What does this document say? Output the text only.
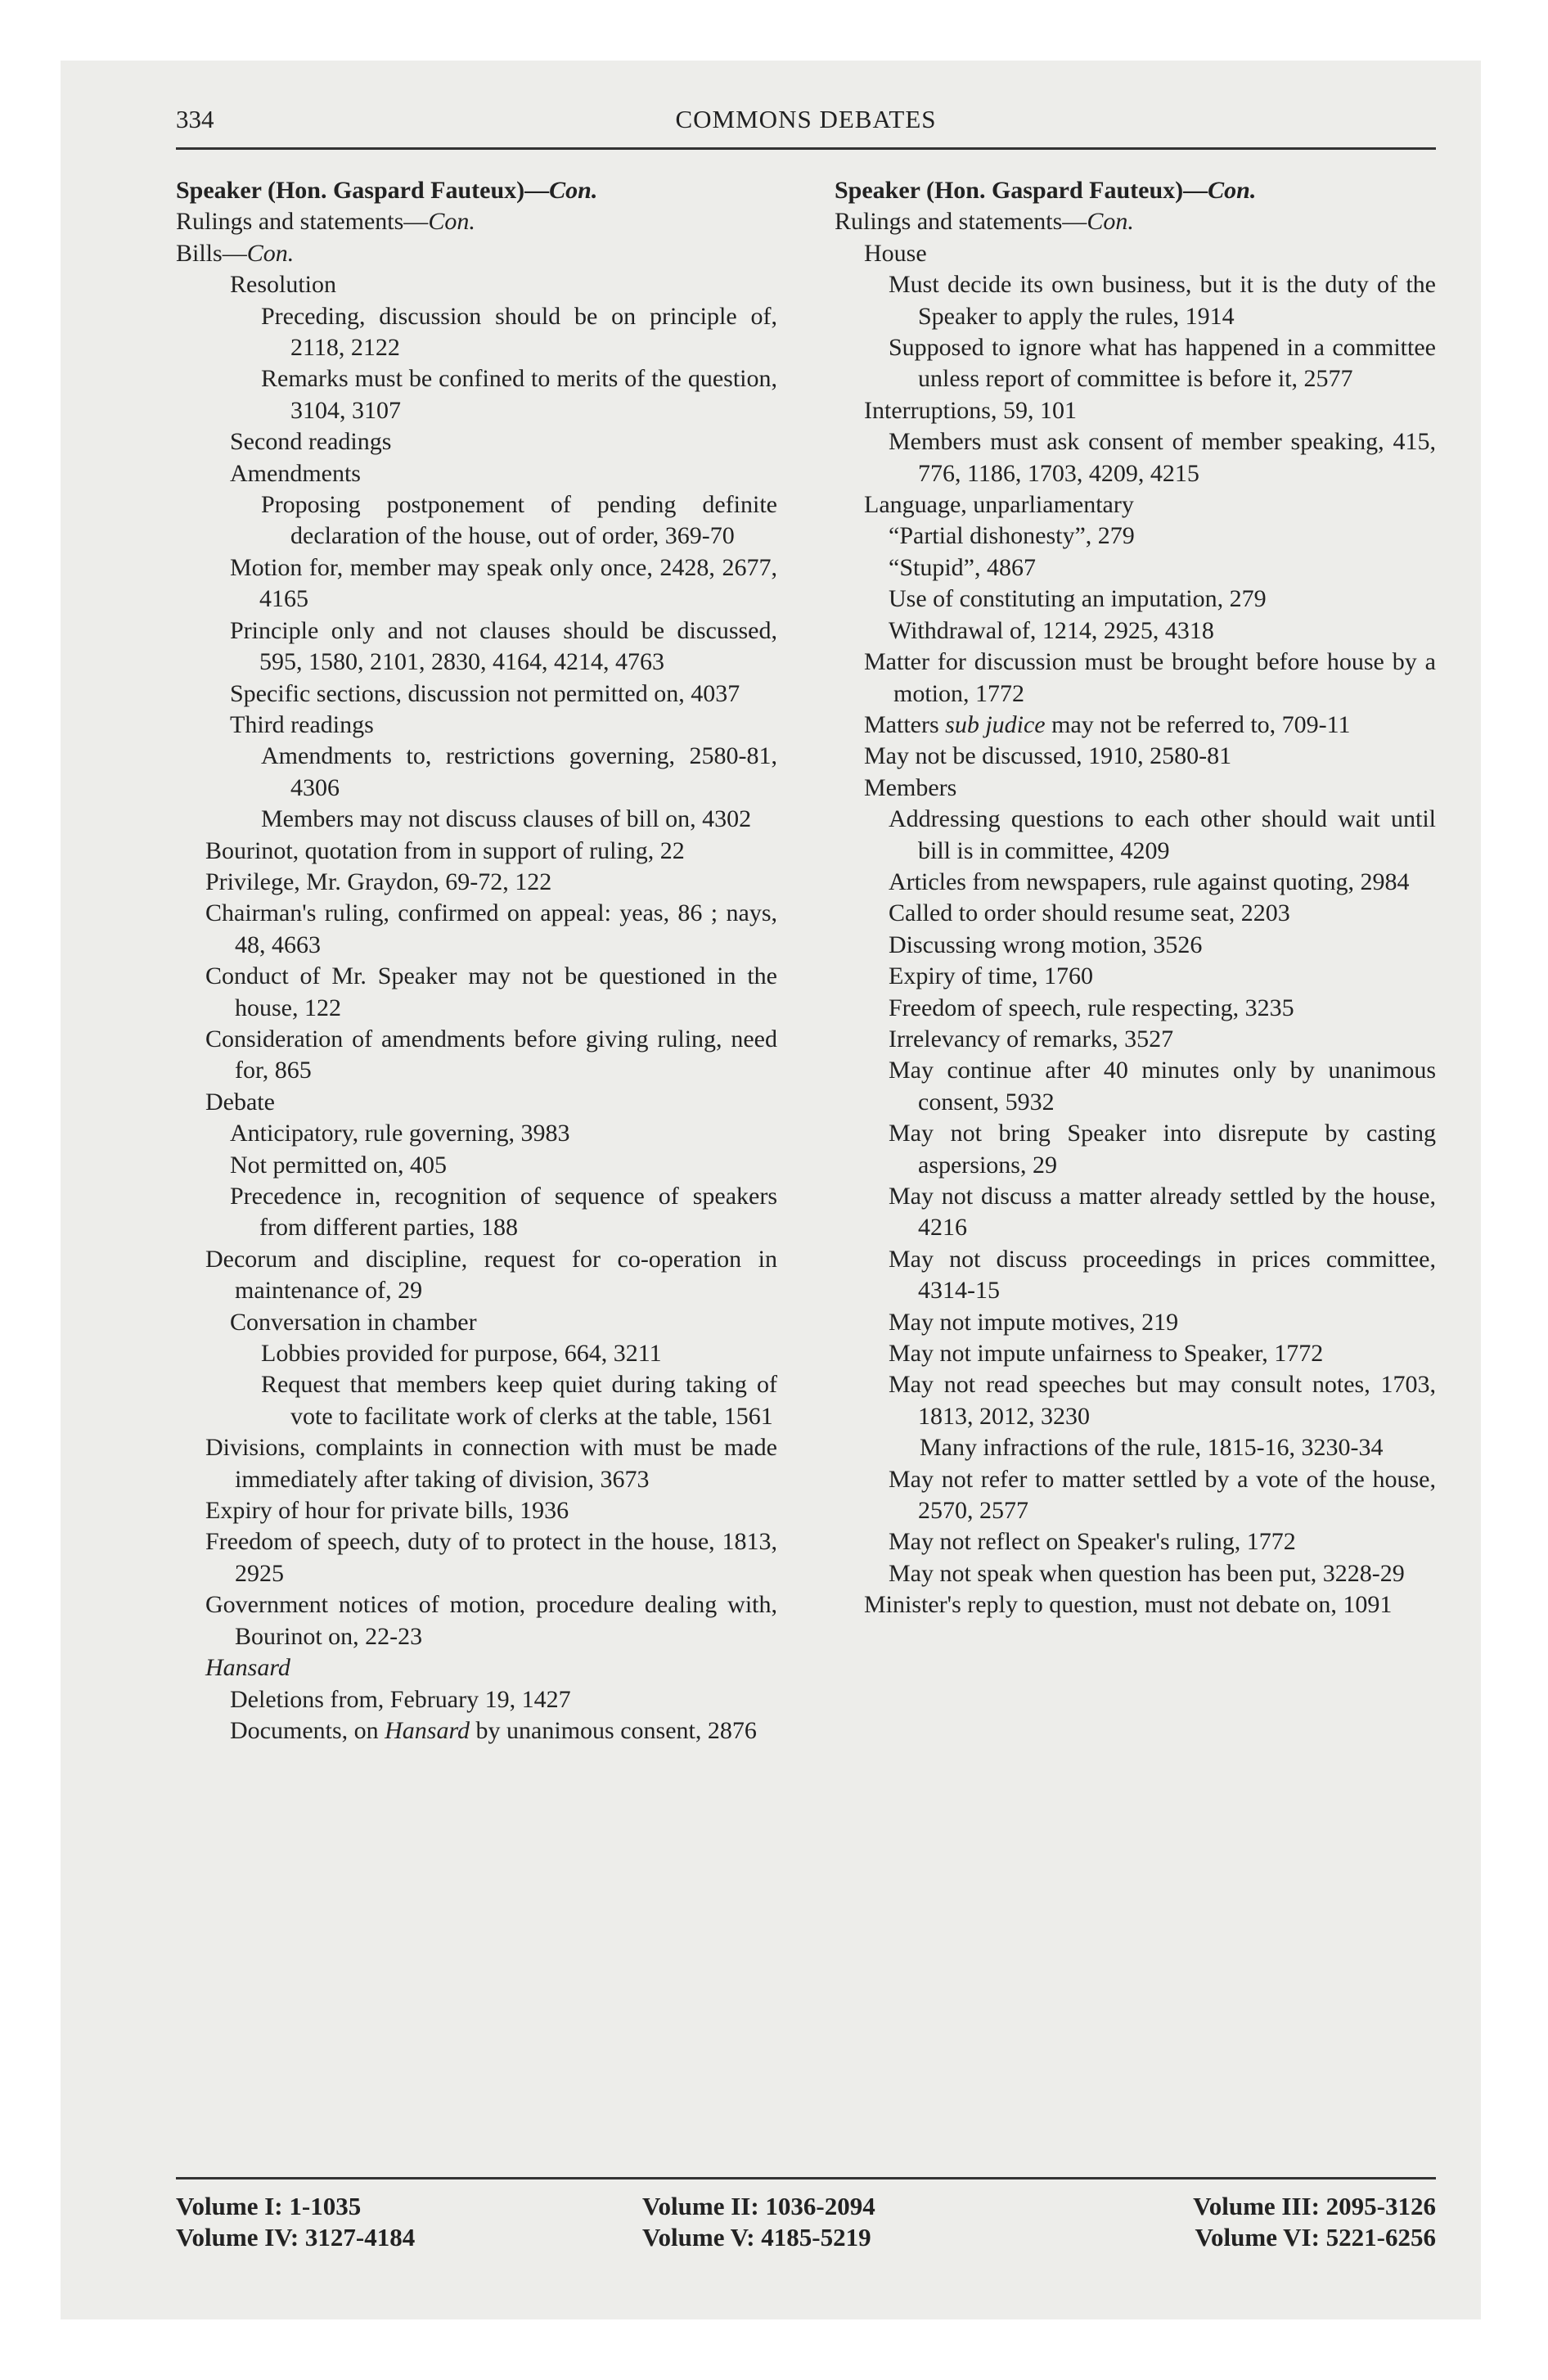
334	COMMONS DEBATES
Speaker (Hon. Gaspard Fauteux)—Con.
Rulings and statements—Con.
Bills—Con.
Resolution
Preceding, discussion should be on principle of, 2118, 2122
Remarks must be confined to merits of the question, 3104, 3107
Second readings
Amendments
Proposing postponement of pending definite declaration of the house, out of order, 369-70
Motion for, member may speak only once, 2428, 2677, 4165
Principle only and not clauses should be discussed, 595, 1580, 2101, 2830, 4164, 4214, 4763
Specific sections, discussion not permitted on, 4037
Third readings
Amendments to, restrictions governing, 2580-81, 4306
Members may not discuss clauses of bill on, 4302
Bourinot, quotation from in support of ruling, 22
Privilege, Mr. Graydon, 69-72, 122
Chairman's ruling, confirmed on appeal: yeas, 86 ; nays, 48, 4663
Conduct of Mr. Speaker may not be questioned in the house, 122
Consideration of amendments before giving ruling, need for, 865
Debate
Anticipatory, rule governing, 3983
Not permitted on, 405
Precedence in, recognition of sequence of speakers from different parties, 188
Decorum and discipline, request for co-operation in maintenance of, 29
Conversation in chamber
Lobbies provided for purpose, 664, 3211
Request that members keep quiet during taking of vote to facilitate work of clerks at the table, 1561
Divisions, complaints in connection with must be made immediately after taking of division, 3673
Expiry of hour for private bills, 1936
Freedom of speech, duty of to protect in the house, 1813, 2925
Government notices of motion, procedure dealing with, Bourinot on, 22-23
Hansard
Deletions from, February 19, 1427
Documents, on Hansard by unanimous consent, 2876
Speaker (Hon. Gaspard Fauteux)—Con.
Rulings and statements—Con.
House
Must decide its own business, but it is the duty of the Speaker to apply the rules, 1914
Supposed to ignore what has happened in a committee unless report of committee is before it, 2577
Interruptions, 59, 101
Members must ask consent of member speaking, 415, 776, 1186, 1703, 4209, 4215
Language, unparliamentary
“Partial dishonesty”, 279
“Stupid”, 4867
Use of constituting an imputation, 279
Withdrawal of, 1214, 2925, 4318
Matter for discussion must be brought before house by a motion, 1772
Matters sub judice may not be referred to, 709-11
May not be discussed, 1910, 2580-81
Members
Addressing questions to each other should wait until bill is in committee, 4209
Articles from newspapers, rule against quoting, 2984
Called to order should resume seat, 2203
Discussing wrong motion, 3526
Expiry of time, 1760
Freedom of speech, rule respecting, 3235
Irrelevancy of remarks, 3527
May continue after 40 minutes only by unanimous consent, 5932
May not bring Speaker into disrepute by casting aspersions, 29
May not discuss a matter already settled by the house, 4216
May not discuss proceedings in prices committee, 4314-15
May not impute motives, 219
May not impute unfairness to Speaker, 1772
May not read speeches but may consult notes, 1703, 1813, 2012, 3230
Many infractions of the rule, 1815-16, 3230-34
May not refer to matter settled by a vote of the house, 2570, 2577
May not reflect on Speaker's ruling, 1772
May not speak when question has been put, 3228-29
Minister's reply to question, must not debate on, 1091
Volume I: 1-1035	Volume II: 1036-2094	Volume III: 2095-3126
Volume IV: 3127-4184	Volume V: 4185-5219	Volume VI: 5221-6256
